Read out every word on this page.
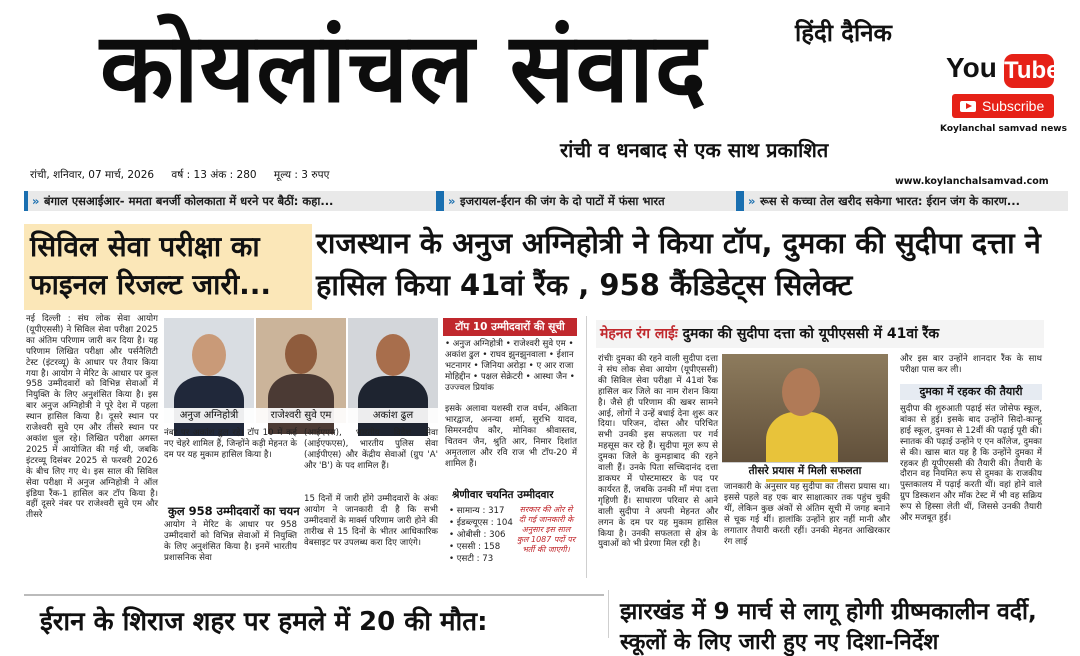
कोयलांचल संवाद	हिंदी दैनिक
रांची व धनबाद से एक साथ प्रकाशित
You Tube
Subscribe
Koylanchal samvad news
रांची, शनिवार, 07 मार्च, 2026 वर्ष : 13 अंक : 280 मूल्य : 3 रुपए
www.koylanchalsamvad.com
» बंगाल एसआईआर- ममता बनर्जी कोलकाता में धरने पर बैठीं: कहा...	» इजरायल-ईरान की जंग के दो पाटों में फंसा भारत	» रूस से कच्चा तेल खरीद सकेगा भारत: ईरान जंग के कारण...
सिविल सेवा परीक्षा का फाइनल रिजल्ट जारी...
राजस्थान के अनुज अग्निहोत्री ने किया टॉप, दुमका की सुदीपा दत्ता ने हासिल किया 41वां रैंक , 958 कैंडिडेट्स सिलेक्ट
नई दिल्ली : संघ लोक सेवा आयोग (यूपीएससी) ने सिविल सेवा परीक्षा 2025 का अंतिम परिणाम जारी कर दिया है। यह परिणाम लिखित परीक्षा और पर्सनैलिटी टेस्ट (इंटरव्यू) के आधार पर तैयार किया गया है। आयोग ने मेरिट के आधार पर कुल 958 उम्मीदवारों को विभिन्न सेवाओं में नियुक्ति के लिए अनुशंसित किया है। इस बार अनुज अग्निहोत्री ने पूरे देश में पहला स्थान हासिल किया है। दूसरे स्थान पर राजेश्वरी सुवे एम और तीसरे स्थान पर अकांश धुल रहे। लिखित परीक्षा अगस्त 2025 में आयोजित की गई थी, जबकि इंटरव्यू दिसंबर 2025 से फरवरी 2026 के बीच लिए गए थे। इस साल की सिविल सेवा परीक्षा में अनुज अग्निहोत्री ने ऑल इंडिया रैंक-1 हासिल कर टॉप किया है। वहीं दूसरे नंबर पर राजेश्वरी सुवे एम और तीसरे
अनुज अग्निहोत्री	राजेश्वरी सुवे एम	अकांश ढुल
नंबर पर अकांश ढुल रहे। टॉप 10 में कई नए चेहरे शामिल हैं, जिन्होंने कड़ी मेहनत के दम पर यह मुकाम हासिल किया है।
कुल 958 उम्मीदवारों का चयन
आयोग ने मेरिट के आधार पर 958 उम्मीदवारों को विभिन्न सेवाओं में नियुक्ति के लिए अनुशंसित किया है। इनमें भारतीय प्रशासनिक सेवा
(आईएएस), भारतीय विदेश सेवा (आईएफएस), भारतीय पुलिस सेवा (आईपीएस) और केंद्रीय सेवाओं (ग्रुप 'A' और 'B') के पद शामिल हैं।
15 दिनों में जारी होंगे उम्मीदवारों के अंकः आयोग ने जानकारी दी है कि सभी उम्मीदवारों के मार्क्स परिणाम जारी होने की तारीख से 15 दिनों के भीतर आधिकारिक वेबसाइट पर उपलब्ध करा दिए जाएंगे।
टॉप 10 उम्मीदवारों की सूची
• अनुज अग्निहोत्री • राजेश्वरी सुवे एम • अकांश ढुल • राघव झुनझुनवाला • ईशान भटनागर • जिनिया अरोड़ा • ए आर राजा मोहिद्दीन • पक्षल सेक्रेटरी • आस्था जैन • उज्ज्वल प्रियांक
इसके अलावा यशस्वी राज वर्धन, अंकिता भारद्वाज, अनन्या शर्मा, सुरभि यादव, सिमरनदीप कौर, मोनिका श्रीवास्तव, चितवन जैन, श्रुति आर, निमार दिशांत अमृतलाल और रवि राज भी टॉप-20 में शामिल हैं।
श्रेणीवार चयनित उम्मीदवार
• सामान्य : 317
• ईडब्ल्यूएस : 104
• ओबीसी : 306
• एससी : 158
• एसटी : 73
सरकार की ओर से दी गई जानकारी के अनुसार इस साल कुल 1087 पदों पर भर्ती की जाएगी।
मेहनत रंग लाईः दुमका की सुदीपा दत्ता को यूपीएससी में 41वां रैंक
रांचीः दुमका की रहने वाली सुदीपा दत्ता ने संघ लोक सेवा आयोग (यूपीएससी) की सिविल सेवा परीक्षा में 41वां रैंक हासिल कर जिले का नाम रोशन किया है। जैसे ही परिणाम की खबर सामने आई, लोगों ने उन्हें बधाई देना शुरू कर दिया। परिजन, दोस्त और परिचित सभी उनकी इस सफलता पर गर्व महसूस कर रहे हैं। सुदीपा मूल रूप से दुमका जिले के कुमड़ाबाद की रहने वाली हैं। उनके पिता सच्चिदानंद दत्ता डाकघर में पोस्टमास्टर के पद पर कार्यरत हैं, जबकि उनकी माँ मंपा दत्ता गृहिणी हैं। साधारण परिवार से आने वाली सुदीपा ने अपनी मेहनत और लगन के दम पर यह मुकाम हासिल किया है। उनकी सफलता से क्षेत्र के युवाओं को भी प्रेरणा मिल रही है।
तीसरे प्रयास में मिली सफलता
जानकारी के अनुसार यह सुदीपा का तीसरा प्रयास था। इससे पहले वह एक बार साक्षात्कार तक पहुंच चुकी थीं, लेकिन कुछ अंकों से अंतिम सूची में जगह बनाने से चूक गई थीं। हालांकि उन्होंने हार नहीं मानी और लगातार तैयारी करती रहीं। उनकी मेहनत आखिरकार रंग लाई
और इस बार उन्होंने शानदार रैंक के साथ परीक्षा पास कर ली।
दुमका में रहकर की तैयारी
सुदीपा की शुरुआती पढ़ाई संत जोसेफ स्कूल, बांका से हुई। इसके बाद उन्होंने सिदो-कान्हू हाई स्कूल, दुमका से 12वीं की पढ़ाई पूरी की। स्नातक की पढ़ाई उन्होंने ए एन कॉलेज, दुमका से की। खास बात यह है कि उन्होंने दुमका में रहकर ही यूपीएससी की तैयारी की। तैयारी के दौरान वह नियमित रूप से दुमका के राजकीय पुस्तकालय में पढ़ाई करती थीं। वहां होने वाले ग्रुप डिस्कशन और मॉक टेस्ट में भी वह सक्रिय रूप से हिस्सा लेती थीं, जिससे उनकी तैयारी और मजबूत हुई।
ईरान के शिराज शहर पर हमले में 20 की मौत:	झारखंड में 9 मार्च से लागू होगी ग्रीष्मकालीन वर्दी,
स्कूलों के लिए जारी हुए नए दिशा-निर्देश
